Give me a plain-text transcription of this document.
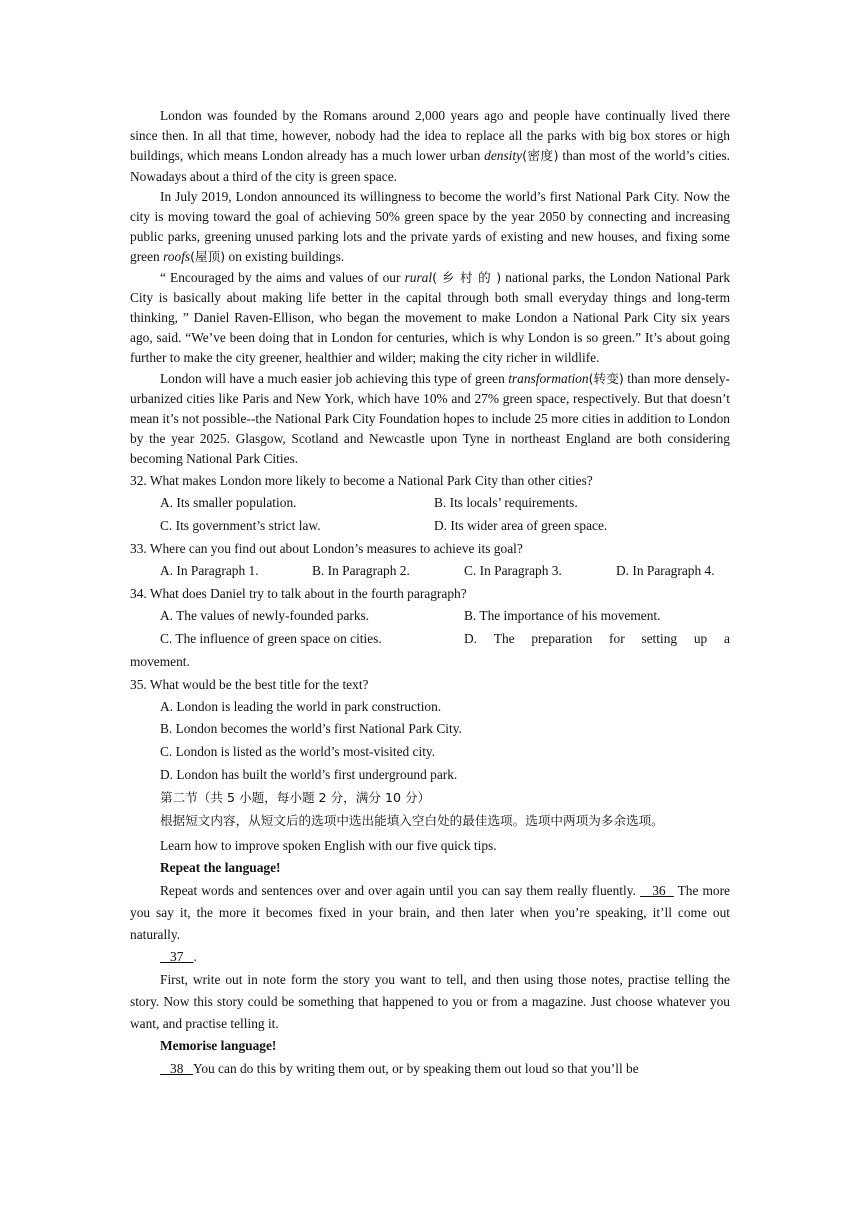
London was founded by the Romans around 2,000 years ago and people have continually lived there since then. In all that time, however, nobody had the idea to replace all the parks with big box stores or high buildings, which means London already has a much lower urban density(密度) than most of the world’s cities. Nowadays about a third of the city is green space.

In July 2019, London announced its willingness to become the world’s first National Park City. Now the city is moving toward the goal of achieving 50% green space by the year 2050 by connecting and increasing public parks, greening unused parking lots and the private yards of existing and new houses, and fixing some green roofs(屋顶) on existing buildings.

“ Encouraged by the aims and values of our rural( 乡 村 的 ) national parks, the London National Park City is basically about making life better in the capital through both small everyday things and long-term thinking, ” Daniel Raven-Ellison, who began the movement to make London a National Park City six years ago, said. “We’ve been doing that in London for centuries, which is why London is so green.” It’s about going further to make the city greener, healthier and wilder; making the city richer in wildlife.

London will have a much easier job achieving this type of green transformation(转变) than more densely-urbanized cities like Paris and New York, which have 10% and 27% green space, respectively. But that doesn’t mean it’s not possible--the National Park City Foundation hopes to include 25 more cities in addition to London by the year 2025. Glasgow, Scotland and Newcastle upon Tyne in northeast England are both considering becoming National Park Cities.

32. What makes London more likely to become a National Park City than other cities?

A. Its smaller population.	B. Its locals’ requirements.
C. Its government’s strict law.	D. Its wider area of green space.

33. Where can you find out about London’s measures to achieve its goal?

A. In Paragraph 1.	B. In Paragraph 2.	C. In Paragraph 3.	D. In Paragraph 4.

34. What does Daniel try to talk about in the fourth paragraph?

A. The values of newly-founded parks.	B. The importance of his movement.
C. The influence of green space on cities.	D. The preparation for setting up a

movement.

35. What would be the best title for the text?

A. London is leading the world in park construction.

B. London becomes the world’s first National Park City.

C. London is listed as the world’s most-visited city.

D. London has built the world’s first underground park.

第二节（共 5 小题，每小题 2 分，满分 10 分）

根据短文内容，从短文后的选项中选出能填入空白处的最佳选项。选项中两项为多余选项。

Learn how to improve spoken English with our five quick tips.

Repeat the language!

Repeat words and sentences over and over again until you can say them really fluently.    36   The more you say it, the more it becomes fixed in your brain, and then later when you’re speaking, it’ll come out naturally.

37   .

First, write out in note form the story you want to tell, and then using those notes, practise telling the story. Now this story could be something that happened to you or from a magazine. Just choose whatever you want, and practise telling it.

Memorise language!

38   You can do this by writing them out, or by speaking them out loud so that you’ll be
